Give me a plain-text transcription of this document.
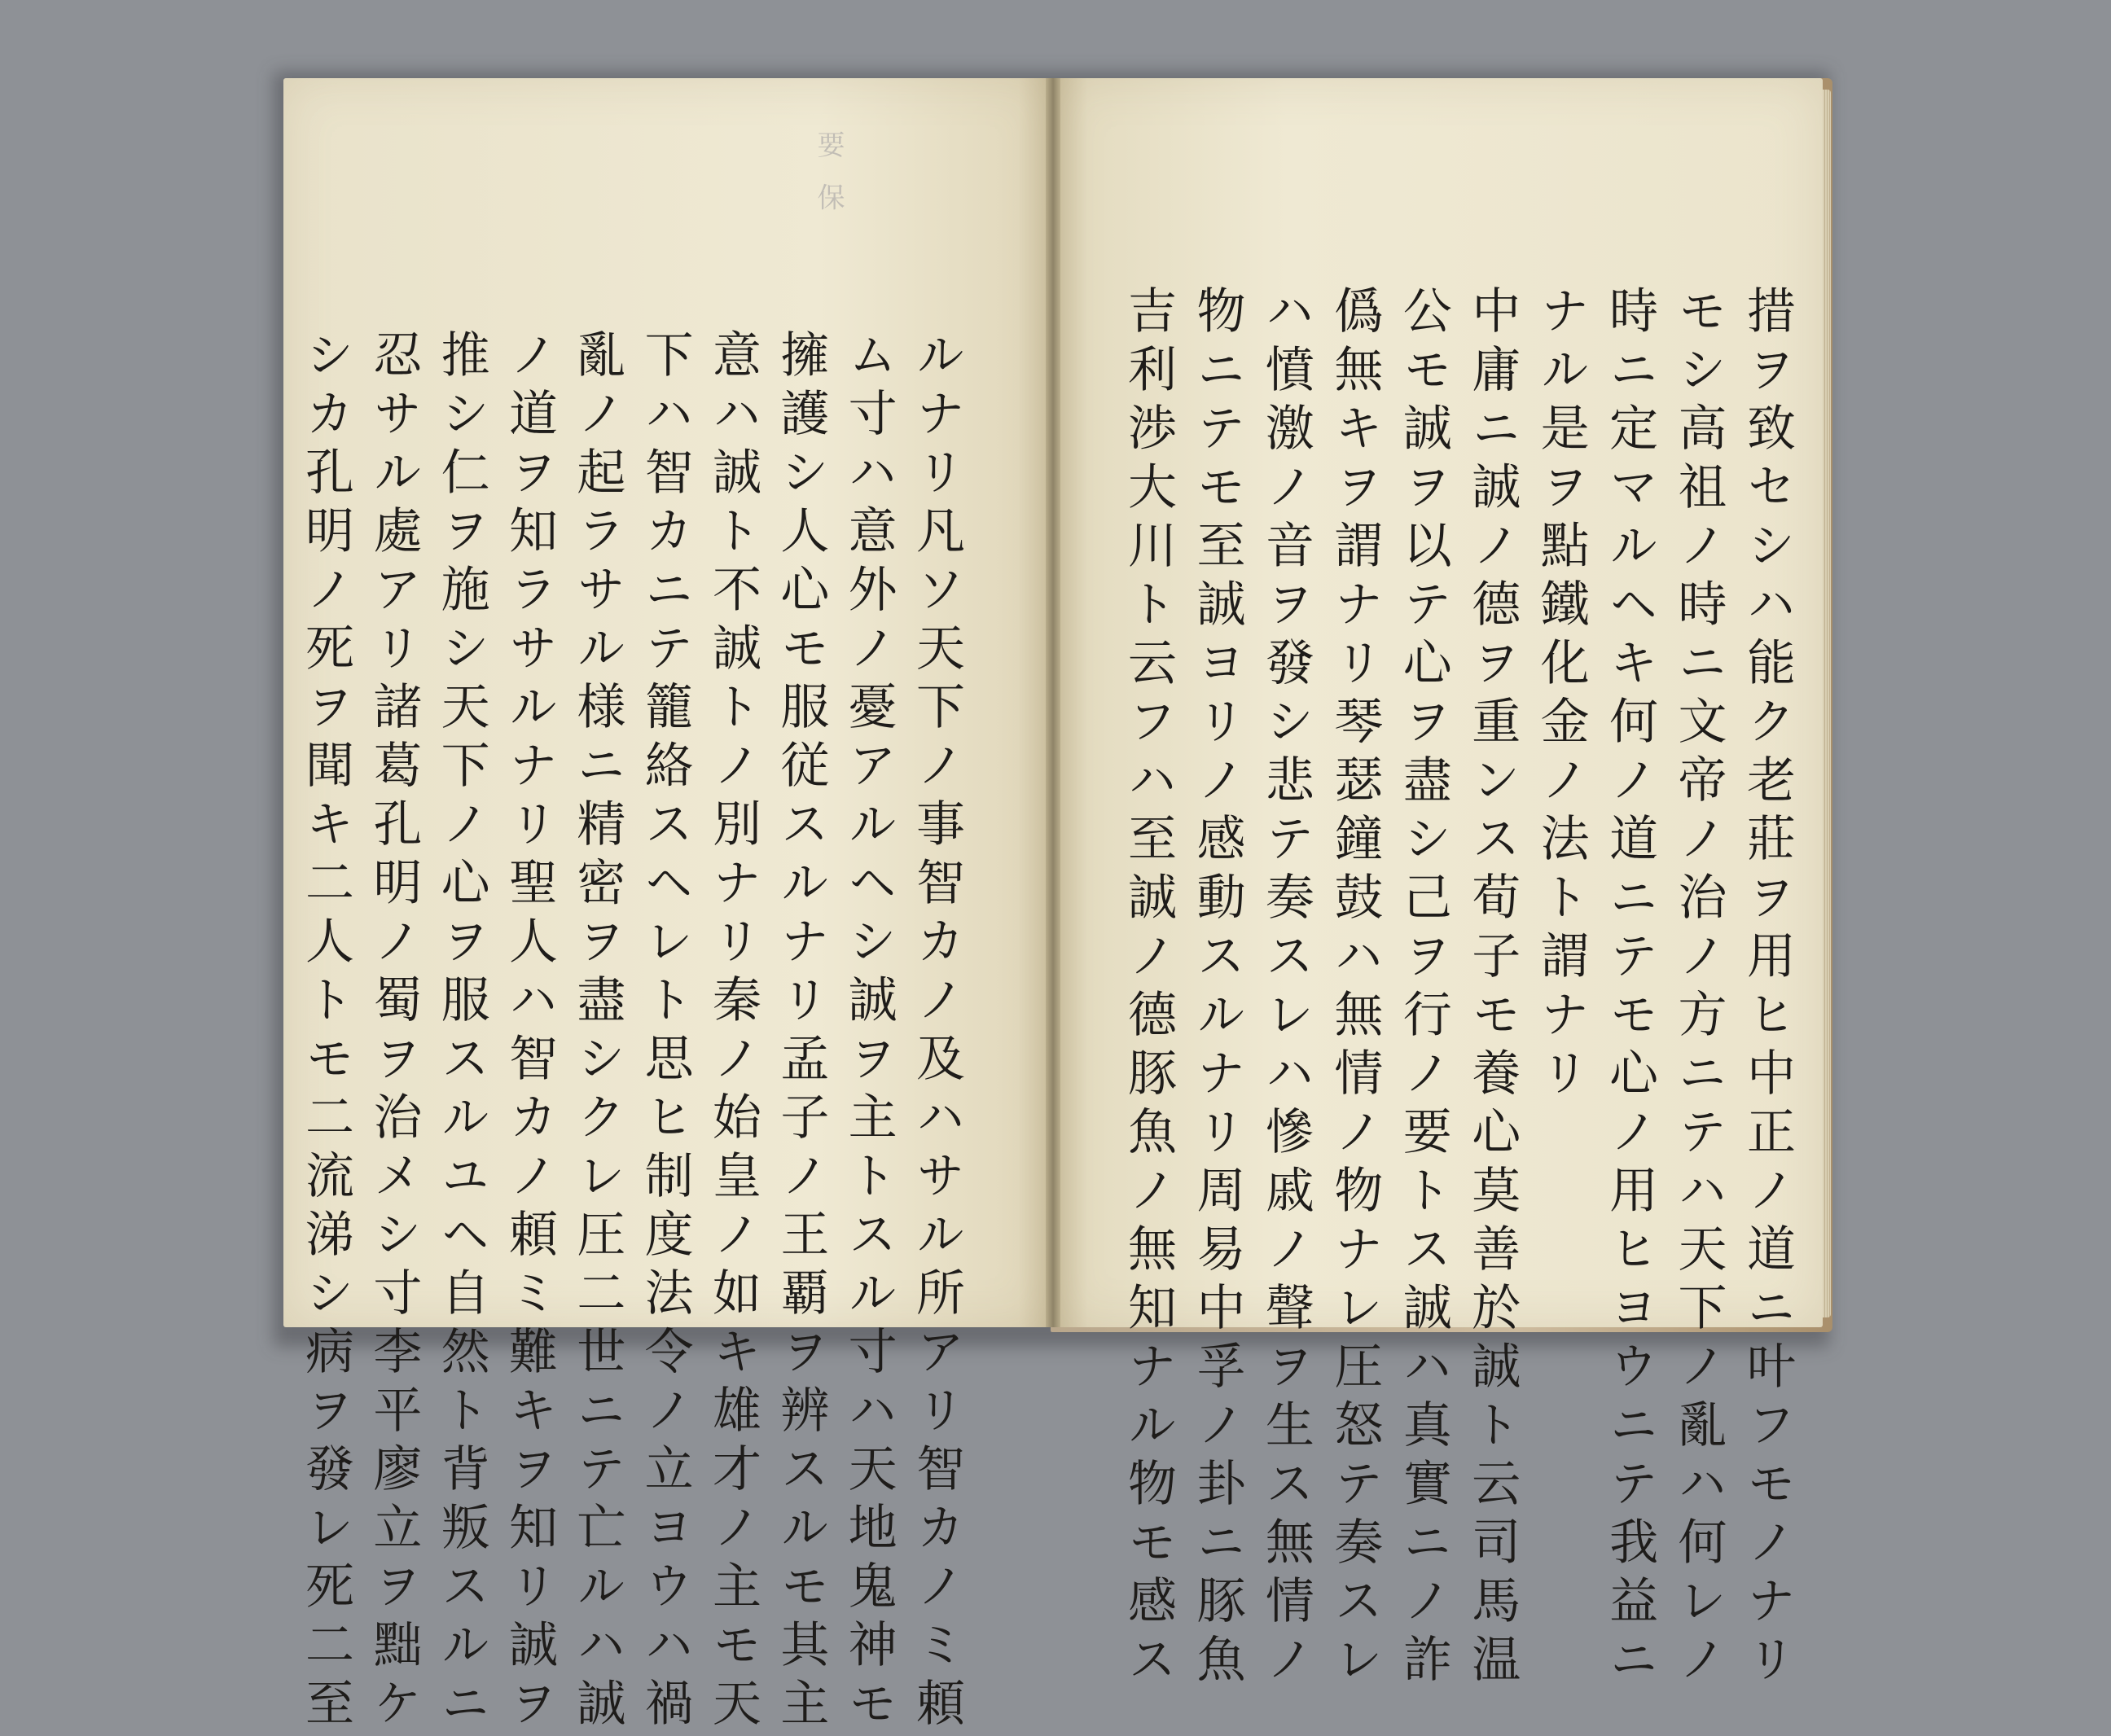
要 保
ルナリ凡ソ天下ノ事智カノ及ハサル所アリ智カノミ頼
ム寸ハ意外ノ憂アルヘシ誠ヲ主トスル寸ハ天地鬼神モ
擁護シ人心モ服従スルナリ孟子ノ王覇ヲ辨スルモ其主
意ハ誠ト不誠トノ別ナリ秦ノ始皇ノ如キ雄才ノ主モ天
下ハ智カニテ籠絡スヘレト思ヒ制度法令ノ立ヨウハ禍
亂ノ起ラサル様ニ精密ヲ盡シクレ圧二世ニテ亡ルハ誠
ノ道ヲ知ラサルナリ聖人ハ智カノ頼ミ難キヲ知リ誠ヲ
推シ仁ヲ施シ天下ノ心ヲ服スルユヘ自然ト背叛スルニ
忍サル處アリ諸葛孔明ノ蜀ヲ治メシ寸李平廖立ヲ黜ケ
シカ孔明ノ死ヲ聞キ二人トモ二流涕シ病ヲ發レ死二至	措ヲ致セシハ能ク老莊ヲ用ヒ中正ノ道ニ叶フモノナリ
モシ高祖ノ時ニ文帝ノ治ノ方ニテハ天下ノ亂ハ何レノ
時ニ定マルヘキ何ノ道ニテモ心ノ用ヒヨウニテ我益ニ
ナル是ヲ點鐵化金ノ法ト謂ナリ
中庸ニ誠ノ德ヲ重ンス荀子モ養心莫善於誠ト云司馬温
公モ誠ヲ以テ心ヲ盡シ己ヲ行ノ要トス誠ハ真實ニノ詐
僞無キヲ謂ナリ琴瑟鐘鼓ハ無情ノ物ナレ圧怒テ奏スレ
ハ憤激ノ音ヲ發シ悲テ奏スレハ慘戚ノ聲ヲ生ス無情ノ
物ニテモ至誠ヨリノ感動スルナリ周易中孚ノ卦ニ豚魚
吉利渉大川ト云フハ至誠ノ德豚魚ノ無知ナル物モ感ス
